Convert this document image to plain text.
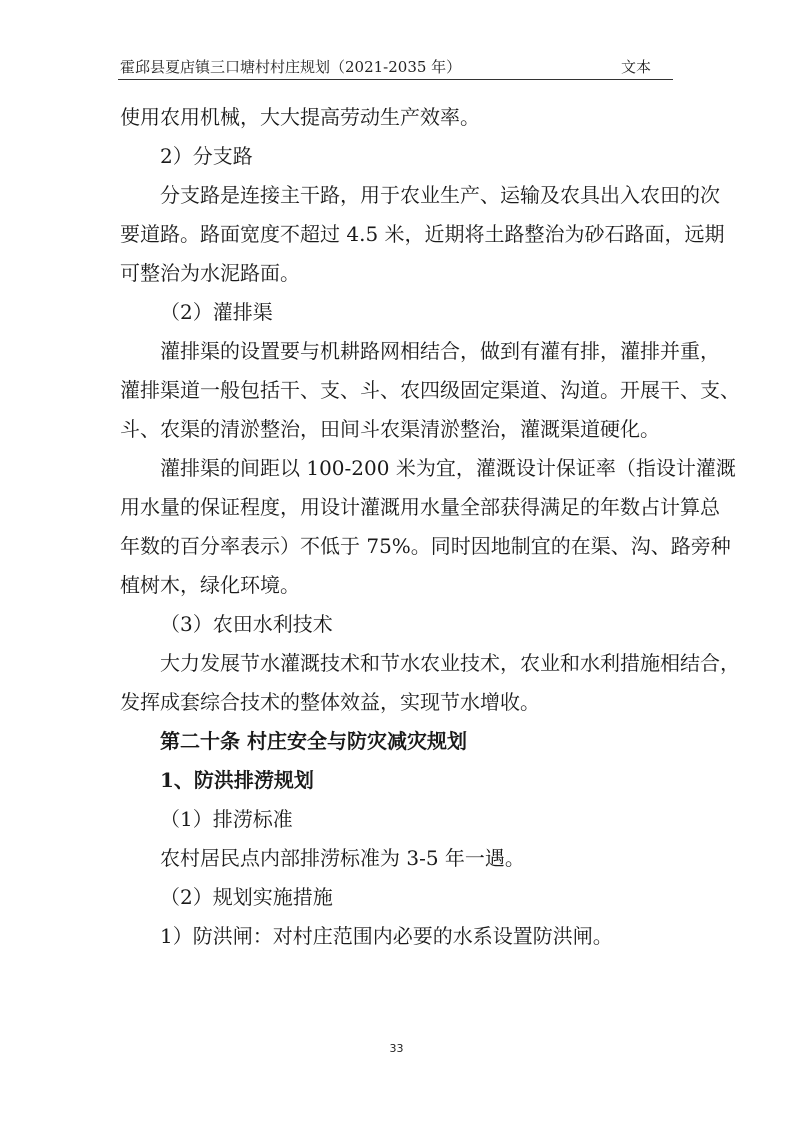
霍邱县夏店镇三口塘村村庄规划（2021-2035 年）	文本

使用农用机械，大大提高劳动生产效率。

2）分支路

分支路是连接主干路，用于农业生产、运输及农具出入农田的次

要道路。路面宽度不超过 4.5 米，近期将土路整治为砂石路面，远期

可整治为水泥路面。

（2）灌排渠

灌排渠的设置要与机耕路网相结合，做到有灌有排，灌排并重，

灌排渠道一般包括干、支、斗、农四级固定渠道、沟道。开展干、支、

斗、农渠的清淤整治，田间斗农渠清淤整治，灌溉渠道硬化。

灌排渠的间距以 100-200 米为宜，灌溉设计保证率（指设计灌溉

用水量的保证程度，用设计灌溉用水量全部获得满足的年数占计算总

年数的百分率表示）不低于 75%。同时因地制宜的在渠、沟、路旁种

植树木，绿化环境。

（3）农田水利技术

大力发展节水灌溉技术和节水农业技术，农业和水利措施相结合，

发挥成套综合技术的整体效益，实现节水增收。

第二十条 村庄安全与防灾减灾规划

1、防洪排涝规划

（1）排涝标准

农村居民点内部排涝标准为 3-5 年一遇。

（2）规划实施措施

1）防洪闸：对村庄范围内必要的水系设置防洪闸。

33
